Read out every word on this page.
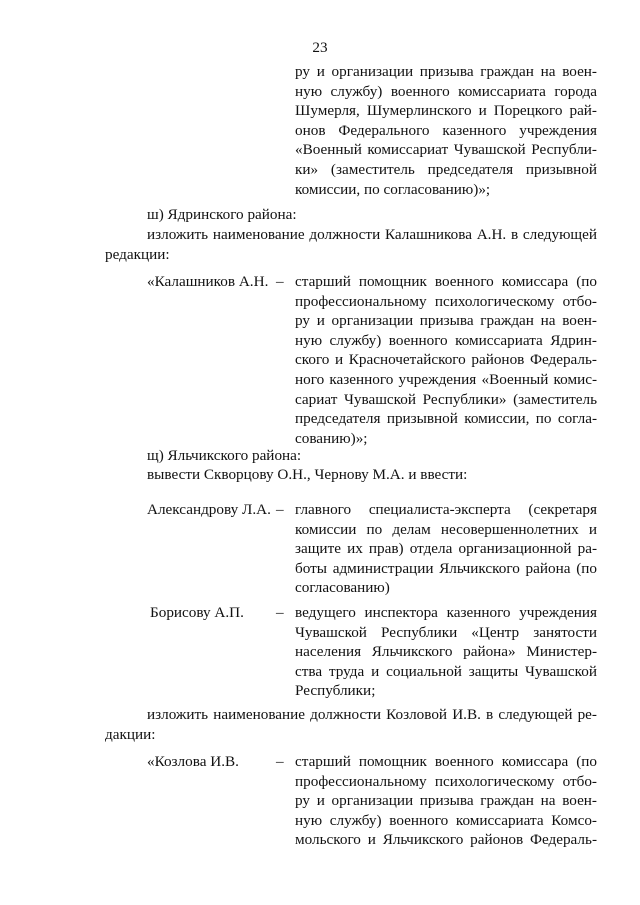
23
ру и организации призыва граждан на воен-
ную службу) военного комиссариата города
Шумерля, Шумерлинского и Порецкого рай-
онов Федерального казенного учреждения
«Военный комиссариат Чувашской Республи-
ки» (заместитель председателя призывной
комиссии, по согласованию)»;
ш) Ядринского района:
изложить наименование должности Калашникова А.Н. в следующей
редакции:
«Калашников А.Н. – старший помощник военного комиссара (по
профессиональному психологическому отбо-
ру и организации призыва граждан на воен-
ную службу) военного комиссариата Ядрин-
ского и Красночетайского районов Федераль-
ного казенного учреждения «Военный комис-
сариат Чувашской Республики» (заместитель
председателя призывной комиссии, по согла-
сованию)»;
щ) Яльчикского района:
вывести Скворцову О.Н., Чернову М.А. и ввести:
Александрову Л.А. – главного специалиста-эксперта (секретаря
комиссии по делам несовершеннолетних и
защите их прав) отдела организационной ра-
боты администрации Яльчикского района (по
согласованию)
Борисову А.П. – ведущего инспектора казенного учреждения
Чувашской Республики «Центр занятости
населения Яльчикского района» Министер-
ства труда и социальной защиты Чувашской
Республики;
изложить наименование должности Козловой И.В. в следующей ре-
дакции:
«Козлова И.В. – старший помощник военного комиссара (по
профессиональному психологическому отбо-
ру и организации призыва граждан на воен-
ную службу) военного комиссариата Комсо-
мольского и Яльчикского районов Федераль-
